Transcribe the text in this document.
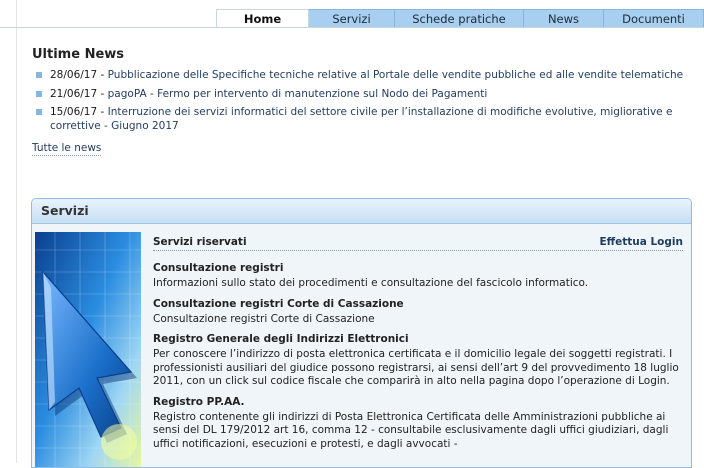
Home	Servizi	Schede pratiche	News	Documenti
Ultime News
28/06/17 - Pubblicazione delle Specifiche tecniche relative al Portale delle vendite pubbliche ed alle vendite telematiche
21/06/17 - pagoPA - Fermo per intervento di manutenzione sul Nodo dei Pagamenti
15/06/17 - Interruzione dei servizi informatici del settore civile per l’installazione di modifiche evolutive, migliorative e correttive - Giugno 2017
Tutte le news
Servizi
Servizi riservati	Effettua Login

Consultazione registri

Informazioni sullo stato dei procedimenti e consultazione del fascicolo informatico.

Consultazione registri Corte di Cassazione

Consultazione registri Corte di Cassazione

Registro Generale degli Indirizzi Elettronici

Per conoscere l’indirizzo di posta elettronica certificata e il domicilio legale dei soggetti registrati. I professionisti ausiliari del giudice possono registrarsi, ai sensi dell’art 9 del provvedimento 18 luglio 2011, con un click sul codice fiscale che comparirà in alto nella pagina dopo l’operazione di Login.

Registro PP.AA.

Registro contenente gli indirizzi di Posta Elettronica Certificata delle Amministrazioni pubbliche ai sensi del DL 179/2012 art 16, comma 12 - consultabile esclusivamente dagli uffici giudiziari, dagli uffici notificazioni, esecuzioni e protesti, e dagli avvocati -
